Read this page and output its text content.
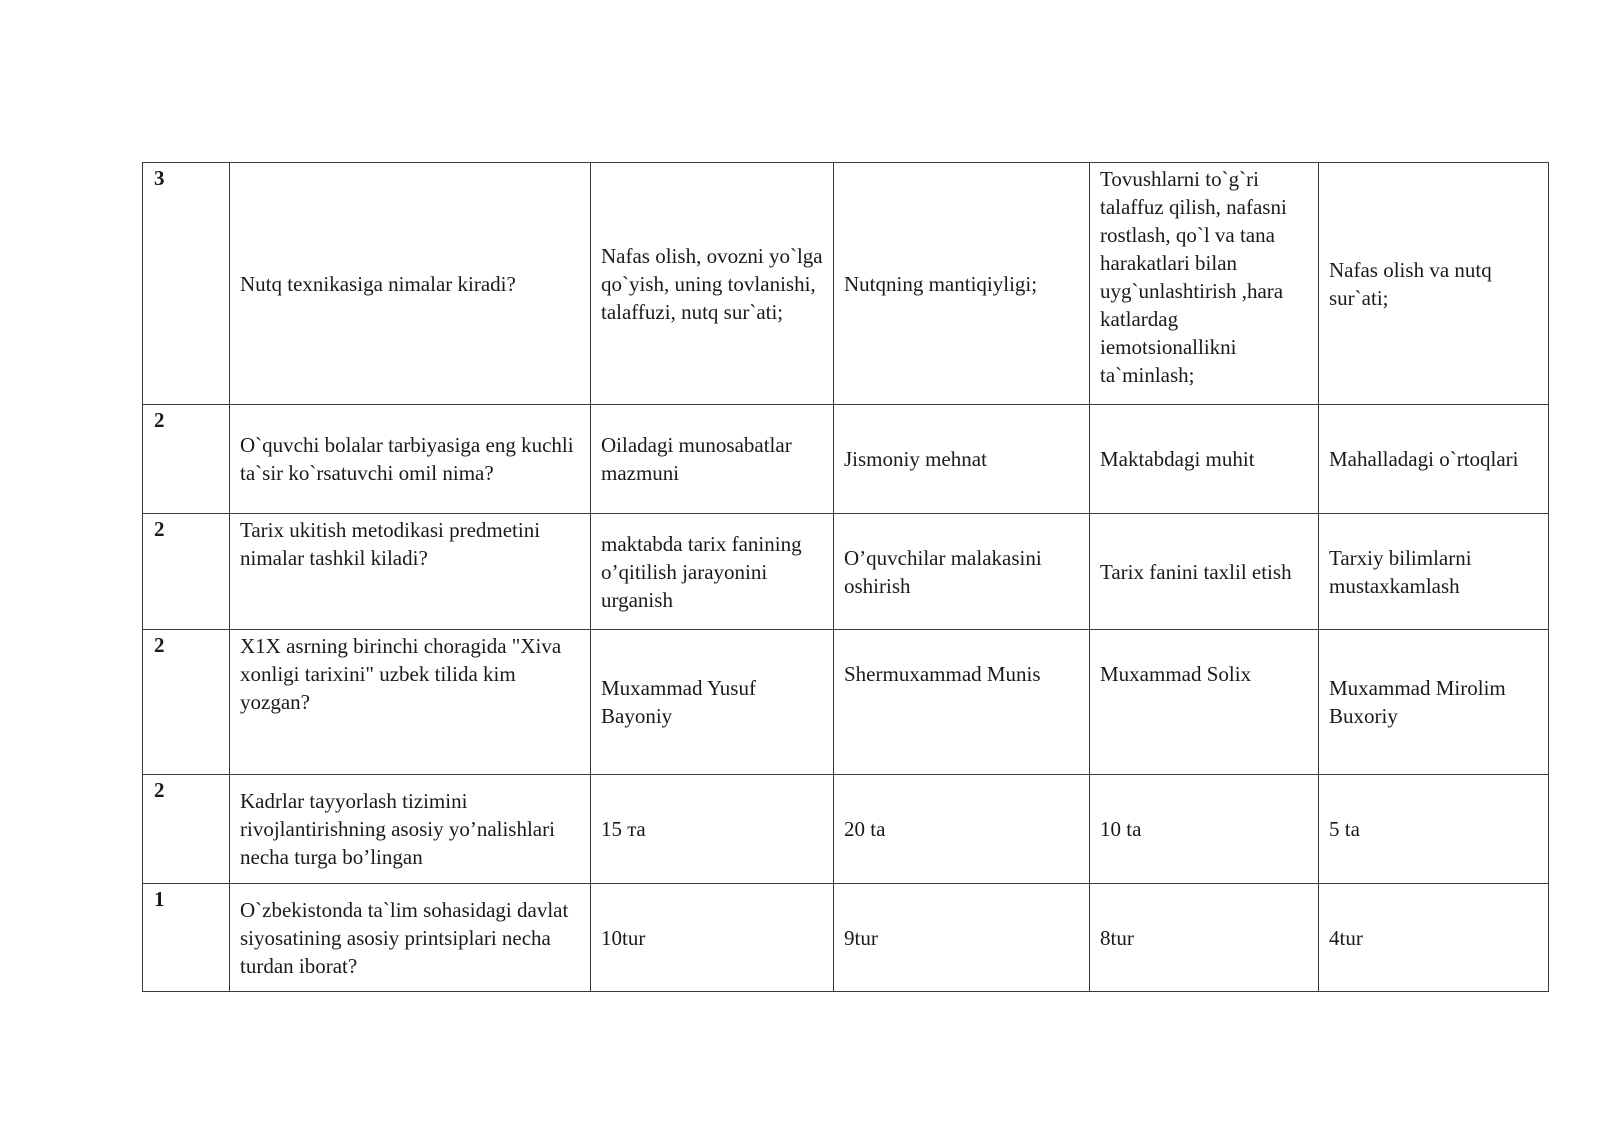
3	Nutq texnikasiga nimalar kiradi?	Nafas olish, ovozni yo`lga qo`yish, uning tovlanishi, talaffuzi, nutq sur`ati;	Nutqning mantiqiyligi;	Tovushlarni to`g`ri talaffuz qilish, nafasni rostlash, qo`l va tana harakatlari bilan uyg`unlashtirish ,hara katlardag iemotsionallikni ta`minlash;	Nafas olish va nutq sur`ati;
2	O`quvchi bolalar tarbiyasiga eng kuchli ta`sir ko`rsatuvchi omil nima?	Oiladagi munosabatlar mazmuni	Jismoniy mehnat	Maktabdagi muhit	Mahalladagi o`rtoqlari
2	Tarix ukitish metodikasi predmetini nimalar tashkil kiladi?	maktabda tarix fanining o’qitilish jarayonini urganish	O’quvchilar malakasini oshirish	Tarix fanini taxlil etish	Tarxiy bilimlarni mustaxkamlash
2	X1X asrning birinchi choragida "Xiva xonligi tarixini" uzbek tilida kim yozgan?	Muxammad Yusuf Bayoniy	Shermuxammad Munis	Muxammad Solix	Muxammad Mirolim Buxoriy
2	Kadrlar tayyorlash tizimini rivojlantirishning asosiy yo’nalishlari necha turga bo’lingan	15 тa	20 ta	10 ta	5 ta
1	O`zbekistonda ta`lim sohasidagi davlat siyosatining asosiy printsiplari necha turdan iborat?	10tur	9tur	8tur	4tur
